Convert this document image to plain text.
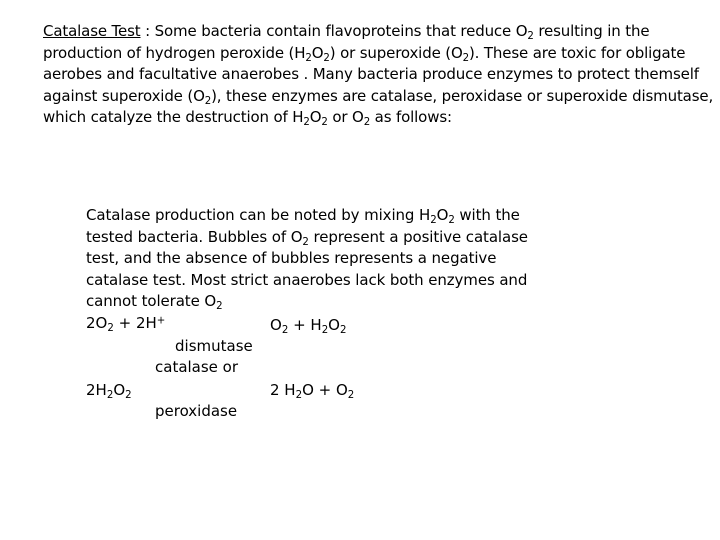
Catalase Test : Some bacteria contain flavoproteins that reduce $O_2$ resulting in the
production of hydrogen peroxide $(H_2O_2)$ or superoxide $(O_2)$. These are toxic for obligate
aerobes and facultative anaerobes . Many bacteria produce enzymes to protect themself
against superoxide $(O_2)$, these enzymes are catalase, peroxidase or superoxide dismutase,
which catalyze the destruction of $H_2O_2$ or $O_2$ as follows:
Catalase production can be noted by mixing $H_2O_2$ with the
tested bacteria. Bubbles of $O_2$ represent a positive catalase
test, and the absence of bubbles represents a negative
catalase test. Most strict anaerobes lack both enzymes and
cannot tolerate $O_2$
$2O_2 + 2H^+$	$O_2 + H_2O_2$
dismutase
catalase or
$2H_2O_2$	2 $H_2O + O_2$
peroxidase
